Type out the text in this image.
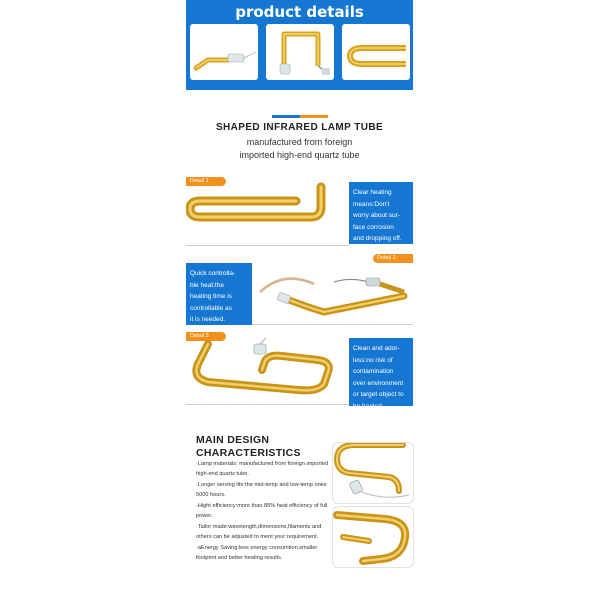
product details
SHAPED INFRARED LAMP TUBE
manufactured from foreign
imported high-end quartz tube
Detail 1
Clear heating
means:Don't
worry about sur-
face corrosion
and dropping off.
Detail 2
Quick controlla-
ble heat:the
heating time is
controllable as
it is needed.
Detail 3
Clean and ador-
less:no risk of
contamination
over environment
or target object to
be heated.
MAIN DESIGN
CHARACTERISTICS

·Lamp materials: manufactured from foreign imported high-end quartz tube.

·Longer serving life:the mid-temp and low-temp ones 5000 hours.

·Hight efficiency:more than 85% heat efficiency of full power.

·Tailor made:wavelength,dimensions,filaments and others can be adjusted to ment your requirement.

·aEnergy Saving:less energy consumtion,smaller footprint and better heating results.
